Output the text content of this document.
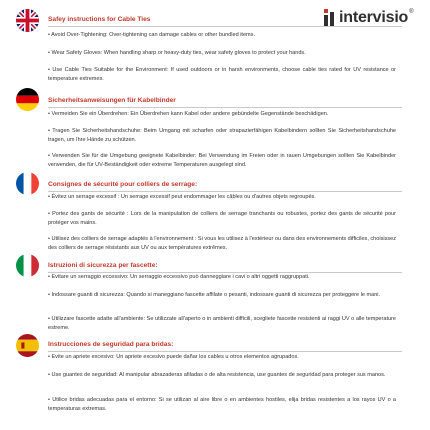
intervisio ®
Safey instructions for Cable Ties
• Avoid Over-Tightening: Over-tightening can damage cables or other bundled items.
• Wear Safety Gloves: When handling sharp or heavy-duty ties, wear safety gloves to protect your hands.
• Use Cable Ties Suitable for the Environment: If used outdoors or in harsh environments, choose cable ties rated for UV resistance or temperature extremes.
Sicherheitsanweisungen für Kabelbinder
• Vermeiden Sie ein Überdrehen: Ein Überdrehen kann Kabel oder andere gebündelte Gegenstände beschädigen.
• Tragen Sie Sicherheitshandschuhe: Beim Umgang mit scharfen oder strapazierfähigen Kabelbindern sollten Sie Sicherheitshandschuhe tragen, um Ihre Hände zu schützen.
• Verwenden Sie für die Umgebung geeignete Kabelbinder: Bei Verwendung im Freien oder in rauen Umgebungen sollten Sie Kabelbinder verwenden, die für UV-Beständigkeit oder extreme Temperaturen ausgelegt sind.
Consignes de sécurité pour colliers de serrage:
• Évitez un serrage excessif : Un serrage excessif peut endommager les câbles ou d'autres objets regroupés.
• Portez des gants de sécurité : Lors de la manipulation de colliers de serrage tranchants ou robustes, portez des gants de sécurité pour protéger vos mains.
• Utilisez des colliers de serrage adaptés à l'environnement : Si vous les utilisez à l'extérieur ou dans des environnements difficiles, choisissez des colliers de serrage résistants aux UV ou aux températures extrêmes.
Istruzioni di sicurezza per fascette:
• Evitare un serraggio eccessivo: Un serraggio eccessivo può danneggiare i cavi o altri oggetti raggruppati.
• Indossare guanti di sicurezza: Quando si maneggiano fascette affilate o pesanti, indossare guanti di sicurezza per proteggere le mani.
• Utilizzare fascette adatte all'ambiente: Se utilizzate all'aperto o in ambienti difficili, scegliete fascette resistenti ai raggi UV o alle temperature estreme.
Instrucciones de seguridad para bridas:
• Evite un apriete excesivo: Un apriete excesivo puede dañar los cables u otros elementos agrupados.
• Use guantes de seguridad: Al manipular abrazaderas afiladas o de alta resistencia, use guantes de seguridad para proteger sus manos.
• Utilice bridas adecuadas para el entorno: Si se utilizan al aire libre o en ambientes hostiles, elija bridas resistentes a los rayos UV o a temperaturas extremas.
